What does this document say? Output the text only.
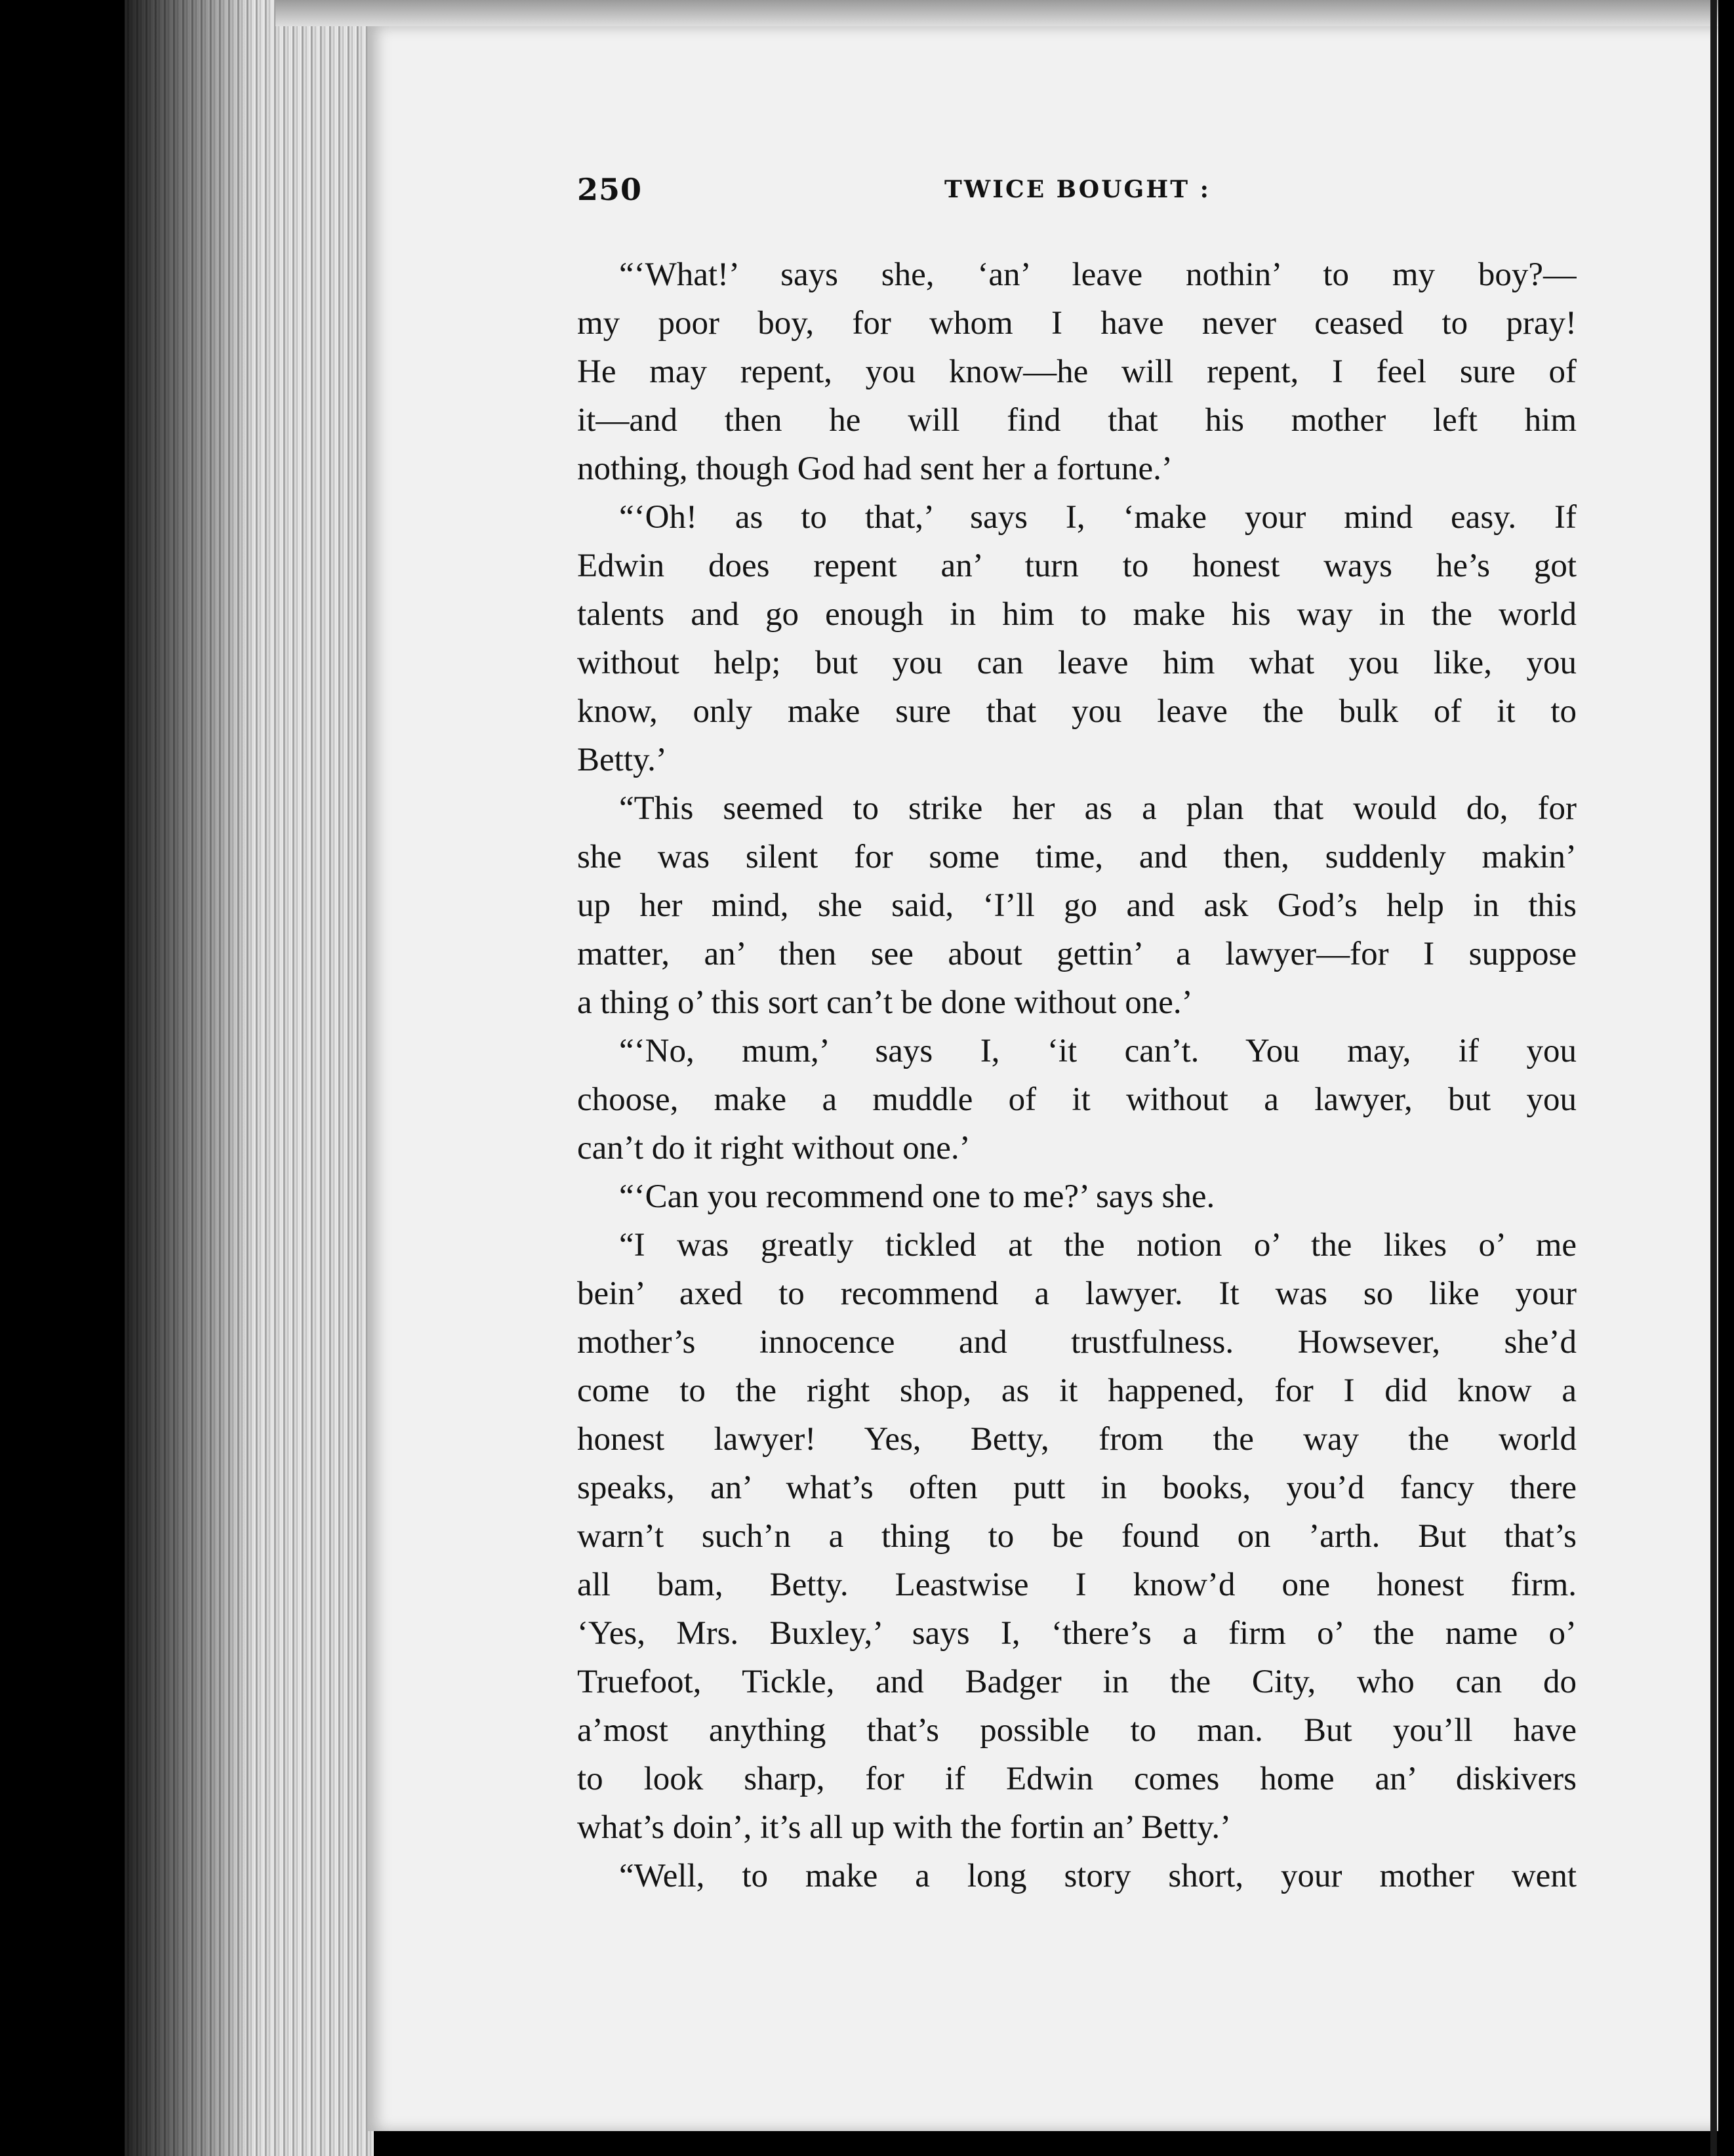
250	TWICE BOUGHT :
“‘What!’ says she, ‘an’ leave nothin’ to my boy?—
my poor boy, for whom I have never ceased to pray!
He may repent, you know—he will repent, I feel sure of
it—and then he will find that his mother left him
nothing, though God had sent her a fortune.’
“‘Oh! as to that,’ says I, ‘make your mind easy. If
Edwin does repent an’ turn to honest ways he’s got
talents and go enough in him to make his way in the world
without help; but you can leave him what you like, you
know, only make sure that you leave the bulk of it to
Betty.’
“This seemed to strike her as a plan that would do, for
she was silent for some time, and then, suddenly makin’
up her mind, she said, ‘I’ll go and ask God’s help in this
matter, an’ then see about gettin’ a lawyer—for I suppose
a thing o’ this sort can’t be done without one.’
“‘No, mum,’ says I, ‘it can’t. You may, if you
choose, make a muddle of it without a lawyer, but you
can’t do it right without one.’
“‘Can you recommend one to me?’ says she.
“I was greatly tickled at the notion o’ the likes o’ me
bein’ axed to recommend a lawyer. It was so like your
mother’s innocence and trustfulness. Howsever, she’d
come to the right shop, as it happened, for I did know a
honest lawyer! Yes, Betty, from the way the world
speaks, an’ what’s often putt in books, you’d fancy there
warn’t such’n a thing to be found on ’arth. But that’s
all bam, Betty. Leastwise I know’d one honest firm.
‘Yes, Mrs. Buxley,’ says I, ‘there’s a firm o’ the name o’
Truefoot, Tickle, and Badger in the City, who can do
a’most anything that’s possible to man. But you’ll have
to look sharp, for if Edwin comes home an’ diskivers
what’s doin’, it’s all up with the fortin an’ Betty.’
“Well, to make a long story short, your mother went
